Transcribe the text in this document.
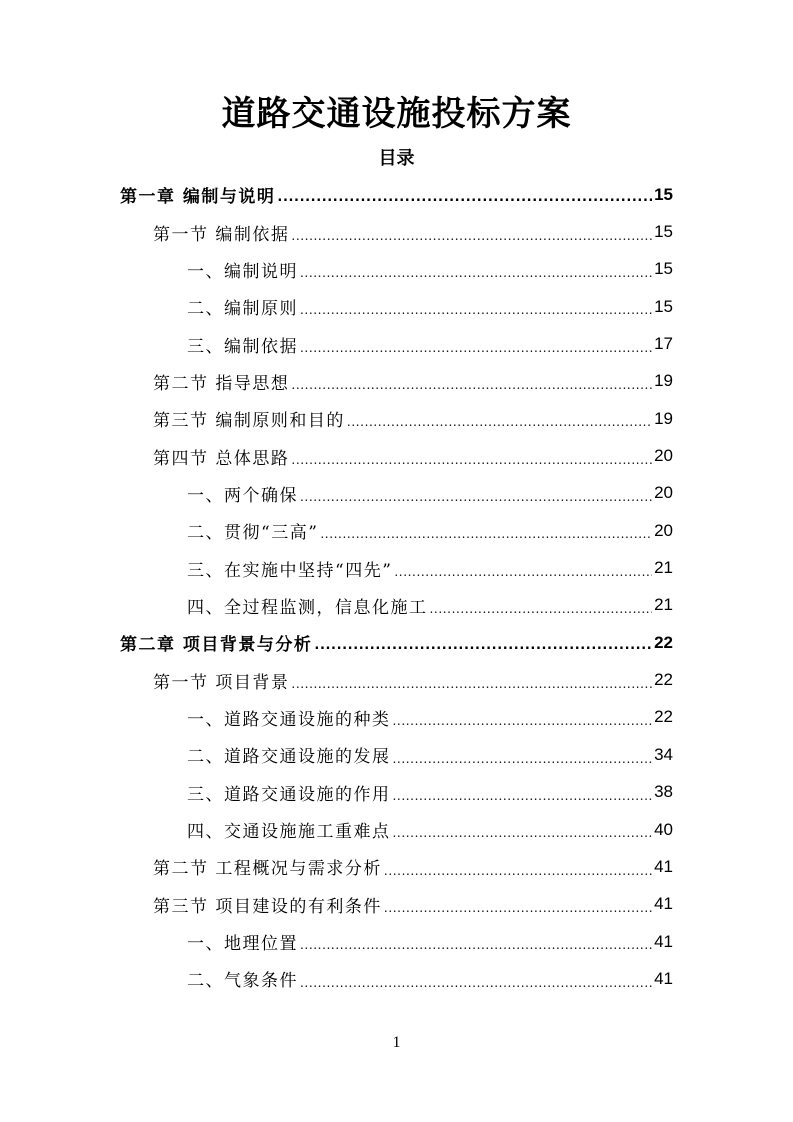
道路交通设施投标方案
目录
第一章 编制与说明 .....	15
第一节 编制依据 .....	15
一、编制说明 .....	15
二、编制原则 .....	15
三、编制依据 .....	17
第二节 指导思想 .....	19
第三节 编制原则和目的 .....	19
第四节 总体思路 .....	20
一、两个确保 .....	20
二、贯彻“三高” .....	20
三、在实施中坚持“四先” .....	21
四、全过程监测，信息化施工 .....	21
第二章 项目背景与分析 .....	22
第一节 项目背景 .....	22
一、道路交通设施的种类 .....	22
二、道路交通设施的发展 .....	34
三、道路交通设施的作用 .....	38
四、交通设施施工重难点 .....	40
第二节 工程概况与需求分析 .....	41
第三节 项目建设的有利条件 .....	41
一、地理位置 .....	41
二、气象条件 .....	41
1
